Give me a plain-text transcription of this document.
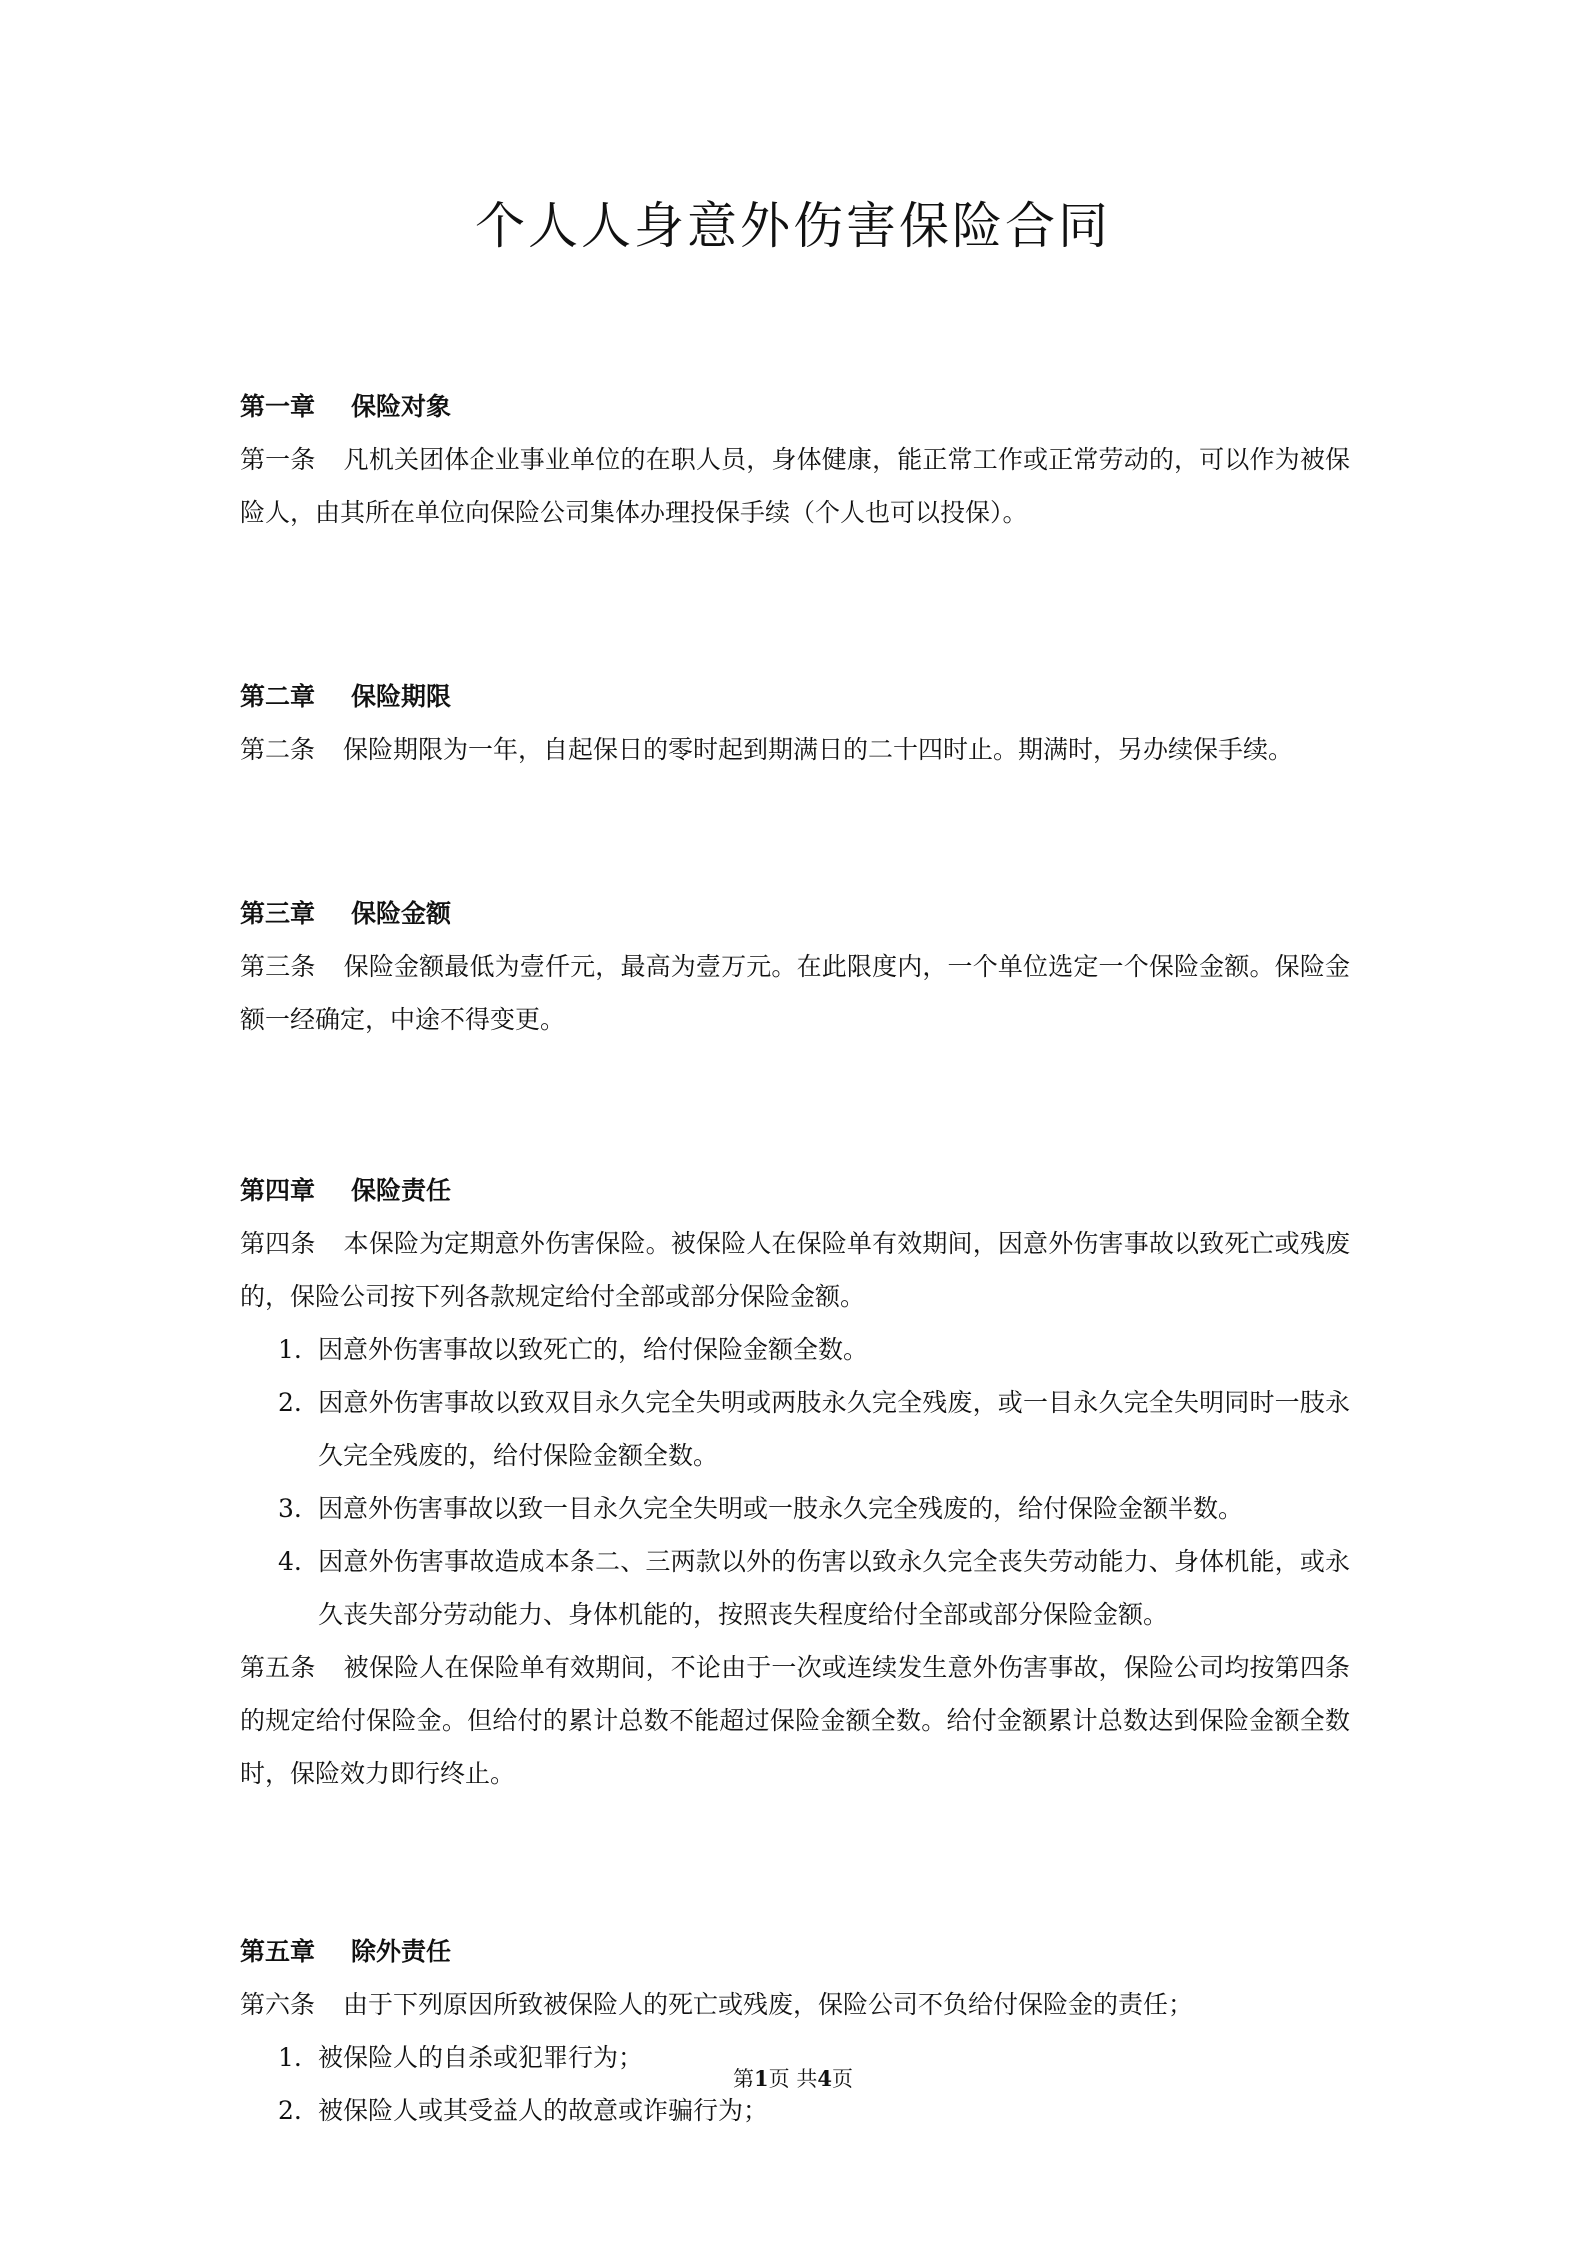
个人人身意外伤害保险合同

第一章 保险对象

第一条 凡机关团体企业事业单位的在职人员，身体健康，能正常工作或正常劳动的，可以作为被保险人，由其所在单位向保险公司集体办理投保手续（个人也可以投保）。

第二章 保险期限

第二条 保险期限为一年，自起保日的零时起到期满日的二十四时止。期满时，另办续保手续。

第三章 保险金额

第三条 保险金额最低为壹仟元，最高为壹万元。在此限度内，一个单位选定一个保险金额。保险金额一经确定，中途不得变更。

第四章 保险责任

第四条 本保险为定期意外伤害保险。被保险人在保险单有效期间，因意外伤害事故以致死亡或残废的，保险公司按下列各款规定给付全部或部分保险金额。

1. 因意外伤害事故以致死亡的，给付保险金额全数。
2. 因意外伤害事故以致双目永久完全失明或两肢永久完全残废，或一目永久完全失明同时一肢永久完全残废的，给付保险金额全数。
3. 因意外伤害事故以致一目永久完全失明或一肢永久完全残废的，给付保险金额半数。
4. 因意外伤害事故造成本条二、三两款以外的伤害以致永久完全丧失劳动能力、身体机能，或永久丧失部分劳动能力、身体机能的，按照丧失程度给付全部或部分保险金额。

第五条 被保险人在保险单有效期间，不论由于一次或连续发生意外伤害事故，保险公司均按第四条的规定给付保险金。但给付的累计总数不能超过保险金额全数。给付金额累计总数达到保险金额全数时，保险效力即行终止。

第五章 除外责任

第六条 由于下列原因所致被保险人的死亡或残废，保险公司不负给付保险金的责任；

1. 被保险人的自杀或犯罪行为；
2. 被保险人或其受益人的故意或诈骗行为；
第1页 共4页
